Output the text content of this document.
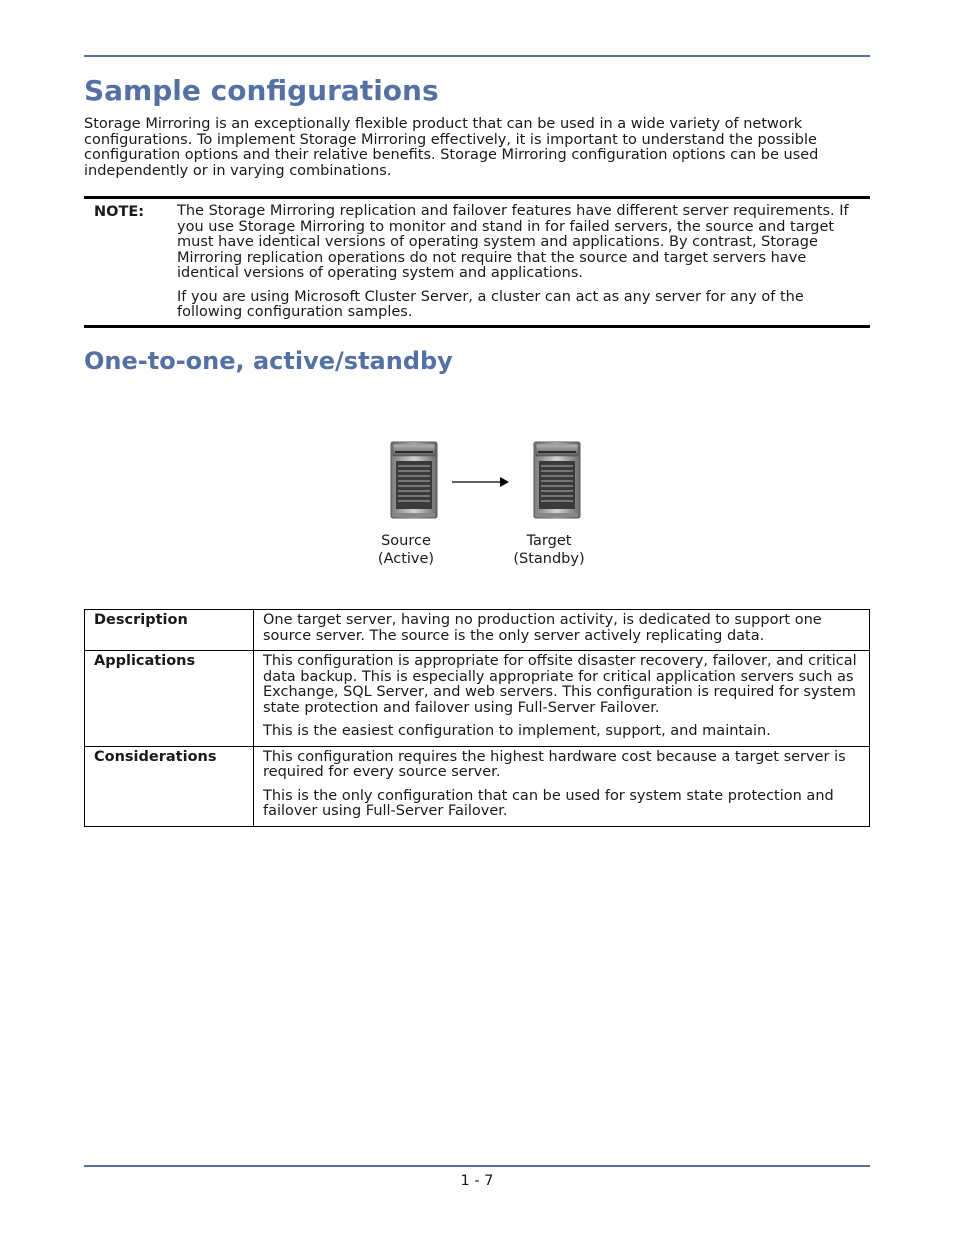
Sample configurations

Storage Mirroring is an exceptionally flexible product that can be used in a wide variety of network configurations. To implement Storage Mirroring effectively, it is important to understand the possible configuration options and their relative benefits. Storage Mirroring configuration options can be used independently or in varying combinations.

NOTE: The Storage Mirroring replication and failover features have different server requirements. If you use Storage Mirroring to monitor and stand in for failed servers, the source and target must have identical versions of operating system and applications. By contrast, Storage Mirroring replication operations do not require that the source and target servers have identical versions of operating system and applications.

If you are using Microsoft Cluster Server, a cluster can act as any server for any of the following configuration samples.

One-to-one, active/standby
Source
(Active)
Target
(Standby)
Description	One target server, having no production activity, is dedicated to support one source server. The source is the only server actively replicating data.

Applications	This configuration is appropriate for offsite disaster recovery, failover, and critical data backup. This is especially appropriate for critical application servers such as Exchange, SQL Server, and web servers. This configuration is required for system state protection and failover using Full-Server Failover.

This is the easiest configuration to implement, support, and maintain.

Considerations	This configuration requires the highest hardware cost because a target server is required for every source server.

This is the only configuration that can be used for system state protection and failover using Full-Server Failover.

1 - 7
